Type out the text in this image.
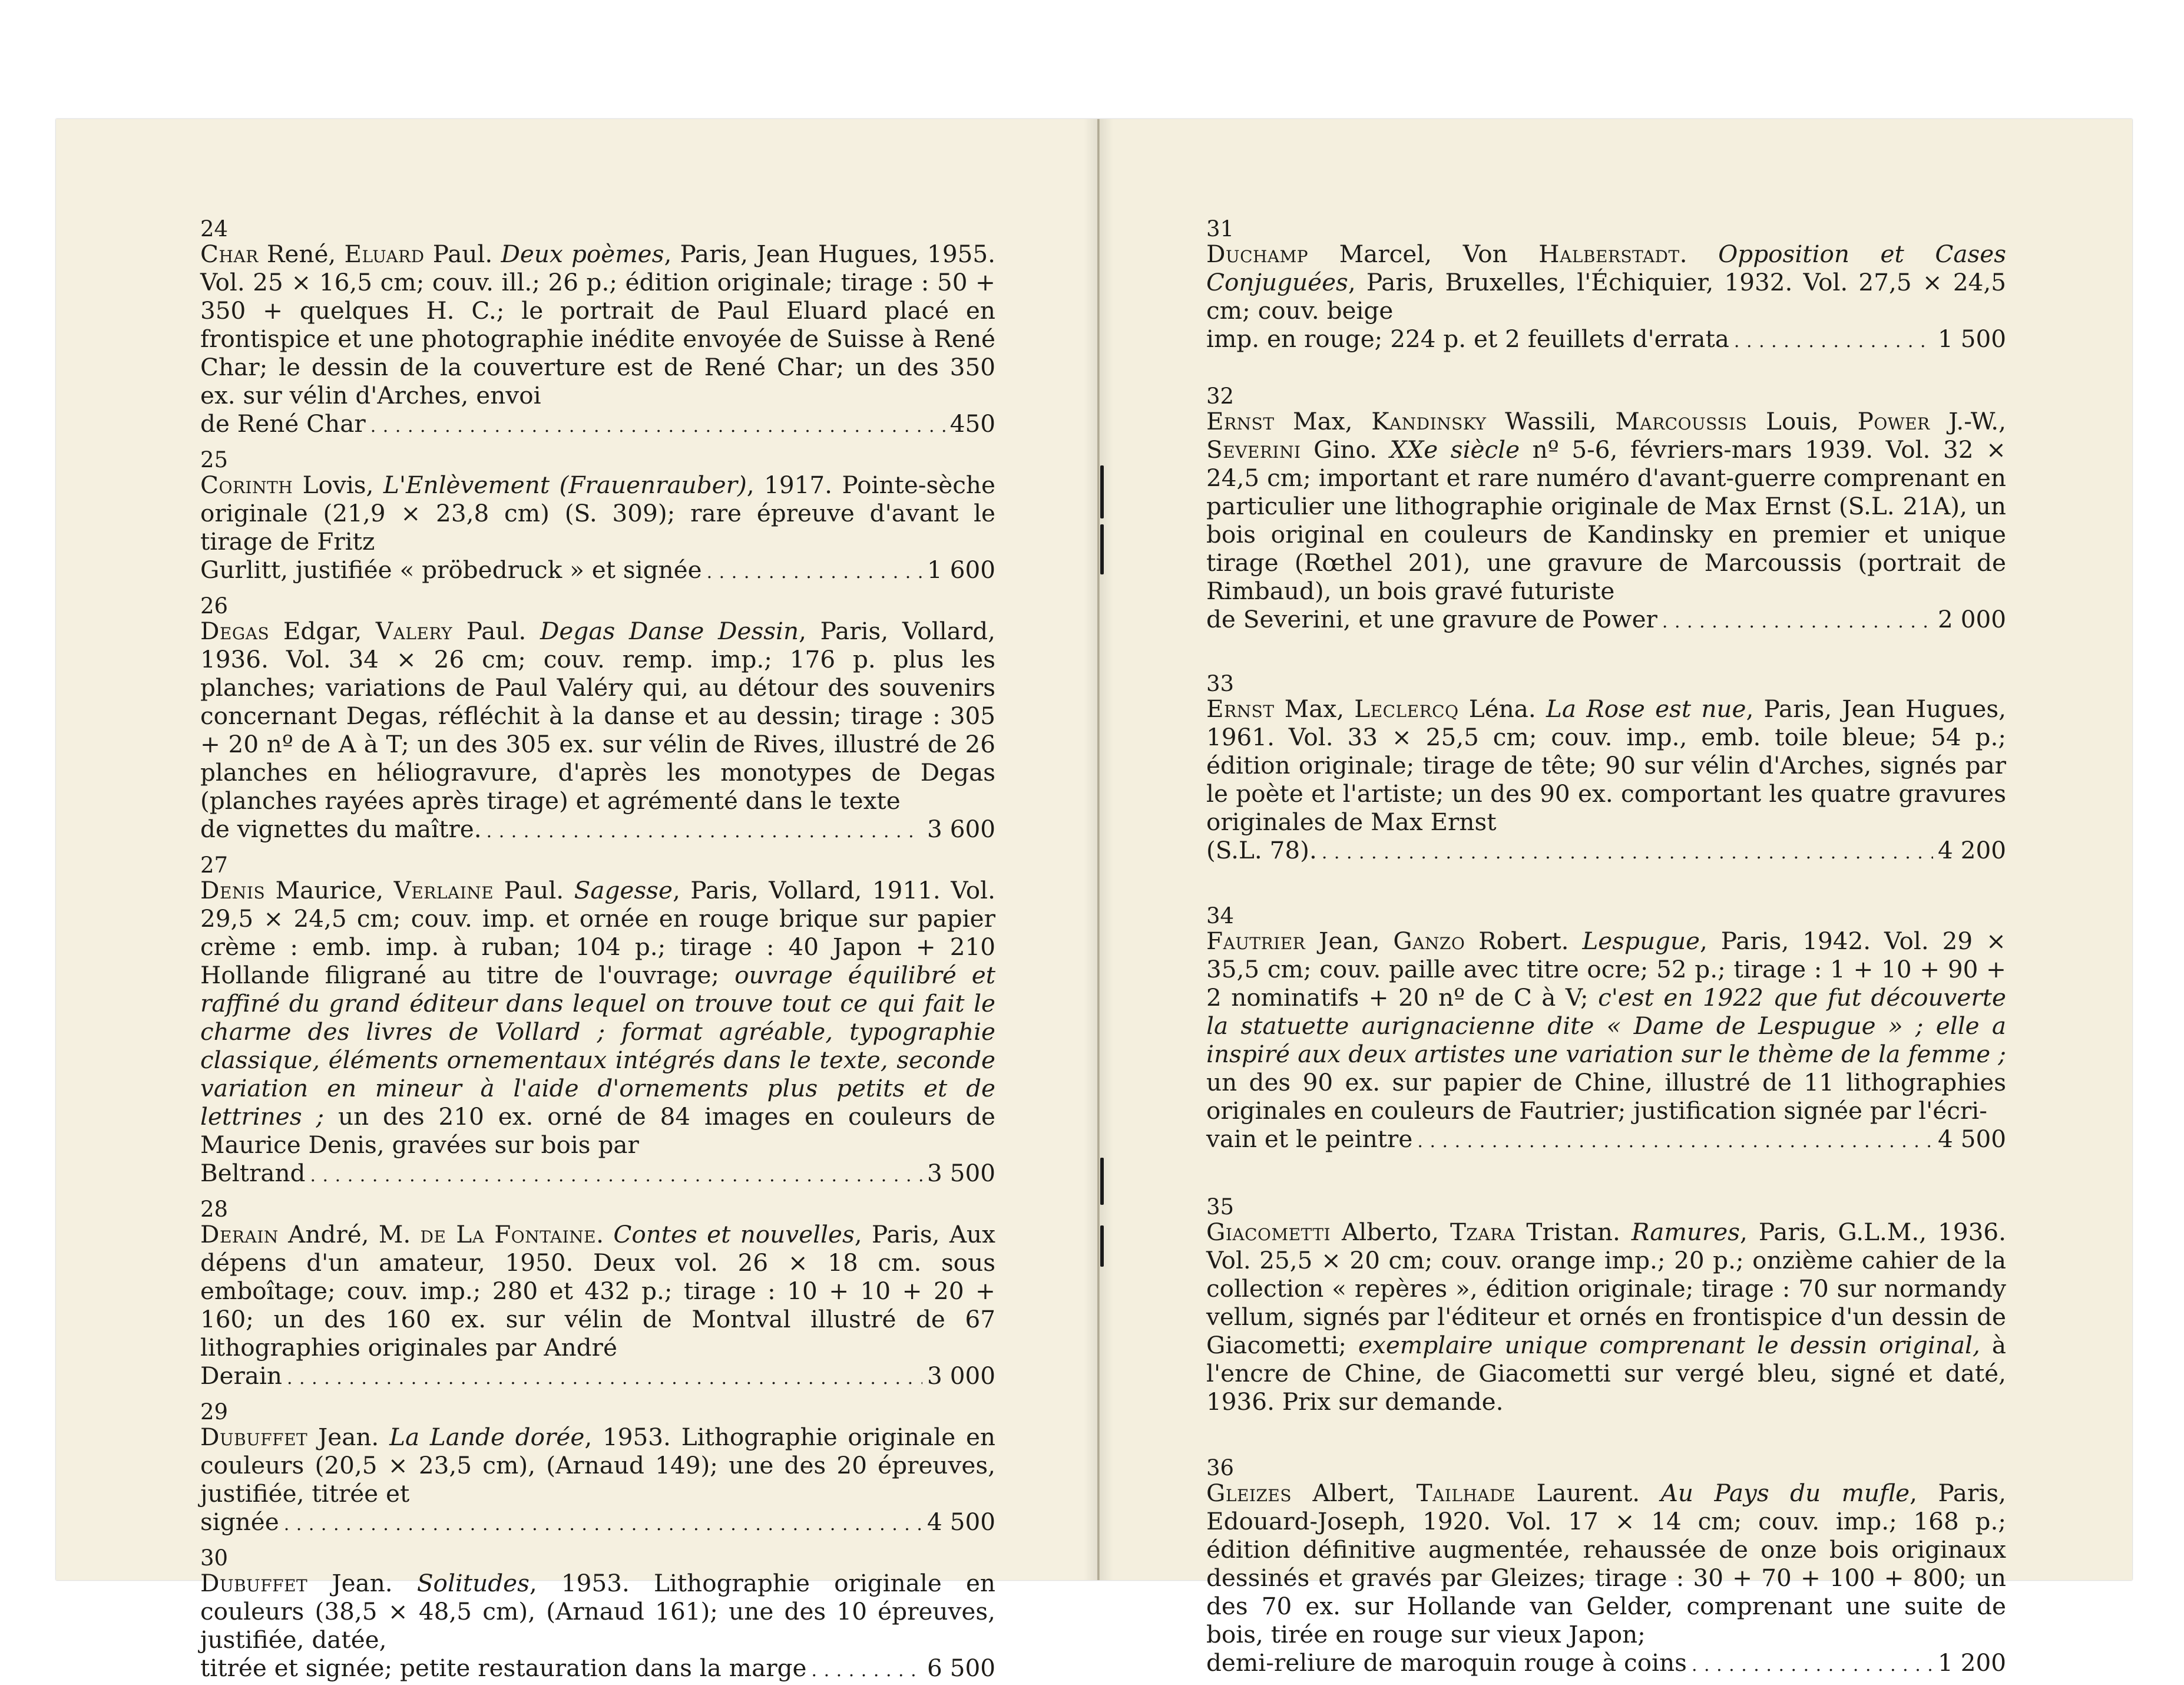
24
Char René, Eluard Paul. Deux poèmes, Paris, Jean Hugues, 1955. Vol. 25 × 16,5 cm; couv. ill.; 26 p.; édition originale; tirage : 50 + 350 + quelques H. C.; le portrait de Paul Eluard placé en frontispice et une photographie inédite envoyée de Suisse à René Char; le dessin de la couverture est de René Char; un des 350 ex. sur vélin d'Arches, envoi
de René Char . . .	450
25
Corinth Lovis, L'Enlèvement (Frauenrauber), 1917. Pointe-sèche originale (21,9 × 23,8 cm) (S. 309); rare épreuve d'avant le tirage de Fritz
Gurlitt, justifiée « pröbedruck » et signée . . .	1 600
26
Degas Edgar, Valery Paul. Degas Danse Dessin, Paris, Vollard, 1936. Vol. 34 × 26 cm; couv. remp. imp.; 176 p. plus les planches; variations de Paul Valéry qui, au détour des souvenirs concernant Degas, réfléchit à la danse et au dessin; tirage : 305 + 20 nº de A à T; un des 305 ex. sur vélin de Rives, illustré de 26 planches en héliogravure, d'après les monotypes de Degas (planches rayées après tirage) et agrémenté dans le texte
de vignettes du maître. . . .	3 600
27
Denis Maurice, Verlaine Paul. Sagesse, Paris, Vollard, 1911. Vol. 29,5 × 24,5 cm; couv. imp. et ornée en rouge brique sur papier crème : emb. imp. à ruban; 104 p.; tirage : 40 Japon + 210 Hollande filigrané au titre de l'ouvrage; ouvrage équilibré et raffiné du grand éditeur dans lequel on trouve tout ce qui fait le charme des livres de Vollard ; format agréable, typographie classique, éléments ornementaux intégrés dans le texte, seconde variation en mineur à l'aide d'ornements plus petits et de lettrines ; un des 210 ex. orné de 84 images en couleurs de Maurice Denis, gravées sur bois par
Beltrand . . .	3 500
28
Derain André, M. de La Fontaine. Contes et nouvelles, Paris, Aux dépens d'un amateur, 1950. Deux vol. 26 × 18 cm. sous emboîtage; couv. imp.; 280 et 432 p.; tirage : 10 + 10 + 20 + 160; un des 160 ex. sur vélin de Montval illustré de 67 lithographies originales par André
Derain . . .	3 000
29
Dubuffet Jean. La Lande dorée, 1953. Lithographie originale en couleurs (20,5 × 23,5 cm), (Arnaud 149); une des 20 épreuves, justifiée, titrée et
signée . . .	4 500
30
Dubuffet Jean. Solitudes, 1953. Lithographie originale en couleurs (38,5 × 48,5 cm), (Arnaud 161); une des 10 épreuves, justifiée, datée,
titrée et signée; petite restauration dans la marge . . .	6 500
31
Duchamp Marcel, Von Halberstadt. Opposition et Cases Conjuguées, Paris, Bruxelles, l'Échiquier, 1932. Vol. 27,5 × 24,5 cm; couv. beige
imp. en rouge; 224 p. et 2 feuillets d'errata . . .	1 500
32
Ernst Max, Kandinsky Wassili, Marcoussis Louis, Power J.-W., Severini Gino. XXe siècle nº 5-6, févriers-mars 1939. Vol. 32 × 24,5 cm; important et rare numéro d'avant-guerre comprenant en particulier une lithographie originale de Max Ernst (S.L. 21A), un bois original en couleurs de Kandinsky en premier et unique tirage (Rœthel 201), une gravure de Marcoussis (portrait de Rimbaud), un bois gravé futuriste
de Severini, et une gravure de Power . . .	2 000
33
Ernst Max, Leclercq Léna. La Rose est nue, Paris, Jean Hugues, 1961. Vol. 33 × 25,5 cm; couv. imp., emb. toile bleue; 54 p.; édition originale; tirage de tête; 90 sur vélin d'Arches, signés par le poète et l'artiste; un des 90 ex. comportant les quatre gravures originales de Max Ernst
(S.L. 78). . . .	4 200
34
Fautrier Jean, Ganzo Robert. Lespugue, Paris, 1942. Vol. 29 × 35,5 cm; couv. paille avec titre ocre; 52 p.; tirage : 1 + 10 + 90 + 2 nominatifs + 20 nº de C à V; c'est en 1922 que fut découverte la statuette aurignacienne dite « Dame de Lespugue » ; elle a inspiré aux deux artistes une variation sur le thème de la femme ; un des 90 ex. sur papier de Chine, illustré de 11 lithographies originales en couleurs de Fautrier; justification signée par l'écri-
vain et le peintre . . .	4 500
35
Giacometti Alberto, Tzara Tristan. Ramures, Paris, G.L.M., 1936. Vol. 25,5 × 20 cm; couv. orange imp.; 20 p.; onzième cahier de la collection « repères », édition originale; tirage : 70 sur normandy vellum, signés par l'éditeur et ornés en frontispice d'un dessin de Giacometti; exemplaire unique comprenant le dessin original, à l'encre de Chine, de Giacometti sur vergé bleu, signé et daté, 1936. Prix sur demande.
36
Gleizes Albert, Tailhade Laurent. Au Pays du mufle, Paris, Edouard-Joseph, 1920. Vol. 17 × 14 cm; couv. imp.; 168 p.; édition définitive augmentée, rehaussée de onze bois originaux dessinés et gravés par Gleizes; tirage : 30 + 70 + 100 + 800; un des 70 ex. sur Hollande van Gelder, comprenant une suite de bois, tirée en rouge sur vieux Japon;
demi-reliure de maroquin rouge à coins . . .	1 200
